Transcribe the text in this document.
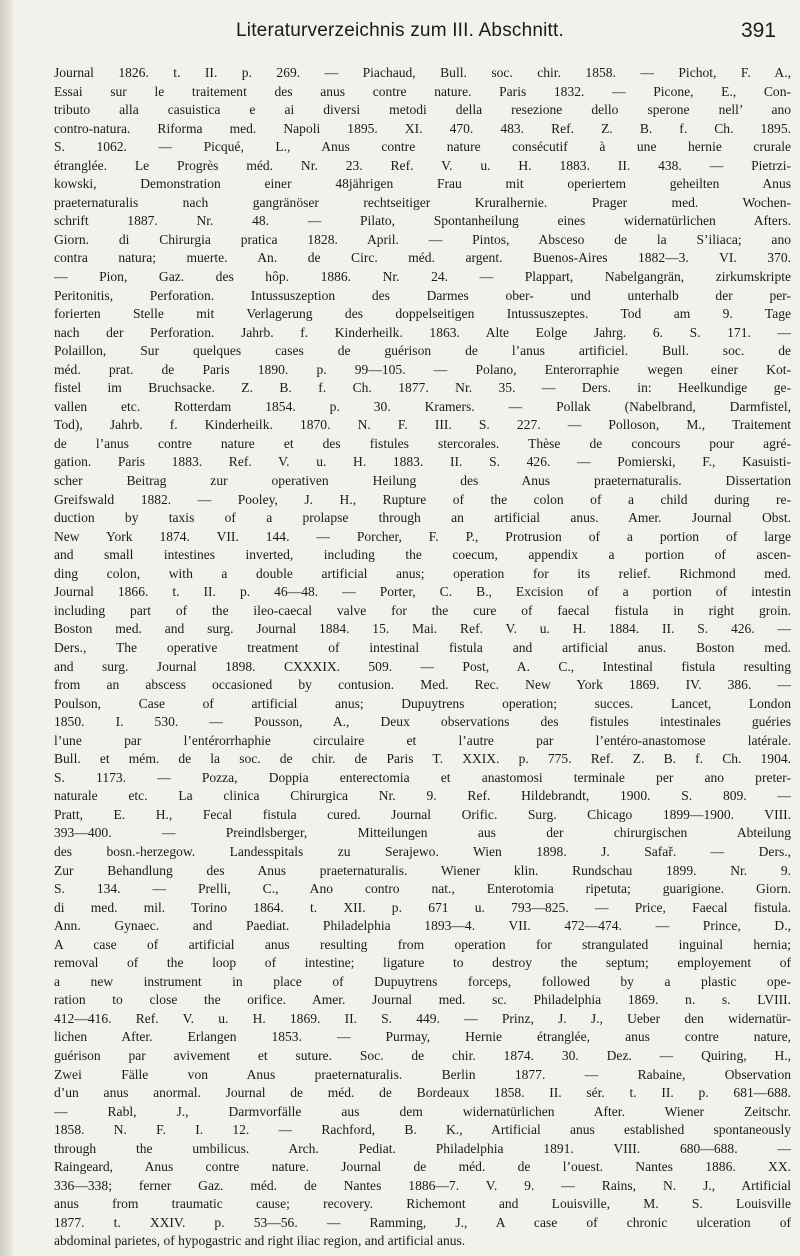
Literaturverzeichnis zum III. Abschnitt.	391
Journal 1826. t. II. p. 269. — Piachaud, Bull. soc. chir. 1858. — Pichot, F. A.,
Essai sur le traitement des anus contre nature. Paris 1832. — Picone, E., Con-
tributo alla casuistica e ai diversi metodi della resezione dello sperone nell’ ano
contro-natura. Riforma med. Napoli 1895. XI. 470. 483. Ref. Z. B. f. Ch. 1895.
S. 1062. — Picqué, L., Anus contre nature consécutif à une hernie crurale
étranglée. Le Progrès méd. Nr. 23. Ref. V. u. H. 1883. II. 438. — Pietrzi-
kowski, Demonstration einer 48jährigen Frau mit operiertem geheilten Anus
praeternaturalis nach gangränöser rechtseitiger Kruralhernie. Prager med. Wochen-
schrift 1887. Nr. 48. — Pilato, Spontanheilung eines widernatürlichen Afters.
Giorn. di Chirurgia pratica 1828. April. — Pintos, Absceso de la S’iliaca; ano
contra natura; muerte. An. de Circ. méd. argent. Buenos-Aires 1882—3. VI. 370.
— Pion, Gaz. des hôp. 1886. Nr. 24. — Plappart, Nabelgangrän, zirkumskripte
Peritonitis, Perforation. Intussuszeption des Darmes ober- und unterhalb der per-
forierten Stelle mit Verlagerung des doppelseitigen Intussuszeptes. Tod am 9. Tage
nach der Perforation. Jahrb. f. Kinderheilk. 1863. Alte Eolge Jahrg. 6. S. 171. —
Polaillon, Sur quelques cases de guérison de l’anus artificiel. Bull. soc. de
méd. prat. de Paris 1890. p. 99—105. — Polano, Enterorraphie wegen einer Kot-
fistel im Bruchsacke. Z. B. f. Ch. 1877. Nr. 35. — Ders. in: Heelkundige ge-
vallen etc. Rotterdam 1854. p. 30. Kramers. — Pollak (Nabelbrand, Darmfistel,
Tod), Jahrb. f. Kinderheilk. 1870. N. F. III. S. 227. — Polloson, M., Traitement
de l’anus contre nature et des fistules stercorales. Thèse de concours pour agré-
gation. Paris 1883. Ref. V. u. H. 1883. II. S. 426. — Pomierski, F., Kasuisti-
scher Beitrag zur operativen Heilung des Anus praeternaturalis. Dissertation
Greifswald 1882. — Pooley, J. H., Rupture of the colon of a child during re-
duction by taxis of a prolapse through an artificial anus. Amer. Journal Obst.
New York 1874. VII. 144. — Porcher, F. P., Protrusion of a portion of large
and small intestines inverted, including the coecum, appendix a portion of ascen-
ding colon, with a double artificial anus; operation for its relief. Richmond med.
Journal 1866. t. II. p. 46—48. — Porter, C. B., Excision of a portion of intestin
including part of the ileo-caecal valve for the cure of faecal fistula in right groin.
Boston med. and surg. Journal 1884. 15. Mai. Ref. V. u. H. 1884. II. S. 426. —
Ders., The operative treatment of intestinal fistula and artificial anus. Boston med.
and surg. Journal 1898. CXXXIX. 509. — Post, A. C., Intestinal fistula resulting
from an abscess occasioned by contusion. Med. Rec. New York 1869. IV. 386. —
Poulson, Case of artificial anus; Dupuytrens operation; succes. Lancet, London
1850. I. 530. — Pousson, A., Deux observations des fistules intestinales guéries
l’une par l’entérorrhaphie circulaire et l’autre par l’entéro-anastomose latérale.
Bull. et mém. de la soc. de chir. de Paris T. XXIX. p. 775. Ref. Z. B. f. Ch. 1904.
S. 1173. — Pozza, Doppia enterectomia et anastomosi terminale per ano preter-
naturale etc. La clinica Chirurgica Nr. 9. Ref. Hildebrandt, 1900. S. 809. —
Pratt, E. H., Fecal fistula cured. Journal Orific. Surg. Chicago 1899—1900. VIII.
393—400. — Preindlsberger, Mitteilungen aus der chirurgischen Abteilung
des bosn.-herzegow. Landesspitals zu Serajewo. Wien 1898. J. Safař. — Ders.,
Zur Behandlung des Anus praeternaturalis. Wiener klin. Rundschau 1899. Nr. 9.
S. 134. — Prelli, C., Ano contro nat., Enterotomia ripetuta; guarigione. Giorn.
di med. mil. Torino 1864. t. XII. p. 671 u. 793—825. — Price, Faecal fistula.
Ann. Gynaec. and Paediat. Philadelphia 1893—4. VII. 472—474. — Prince, D.,
A case of artificial anus resulting from operation for strangulated inguinal hernia;
removal of the loop of intestine; ligature to destroy the septum; employement of
a new instrument in place of Dupuytrens forceps, followed by a plastic ope-
ration to close the orifice. Amer. Journal med. sc. Philadelphia 1869. n. s. LVIII.
412—416. Ref. V. u. H. 1869. II. S. 449. — Prinz, J. J., Ueber den widernatür-
lichen After. Erlangen 1853. — Purmay, Hernie étranglée, anus contre nature,
guérison par avivement et suture. Soc. de chir. 1874. 30. Dez. — Quiring, H.,
Zwei Fälle von Anus praeternaturalis. Berlin 1877. — Rabaine, Observation
d’un anus anormal. Journal de méd. de Bordeaux 1858. II. sér. t. II. p. 681—688.
— Rabl, J., Darmvorfälle aus dem widernatürlichen After. Wiener Zeitschr.
1858. N. F. I. 12. — Rachford, B. K., Artificial anus established spontaneously
through the umbilicus. Arch. Pediat. Philadelphia 1891. VIII. 680—688. —
Raingeard, Anus contre nature. Journal de méd. de l’ouest. Nantes 1886. XX.
336—338; ferner Gaz. méd. de Nantes 1886—7. V. 9. — Rains, N. J., Artificial
anus from traumatic cause; recovery. Richemont and Louisville, M. S. Louisville
1877. t. XXIV. p. 53—56. — Ramming, J., A case of chronic ulceration of
abdominal parietes, of hypogastric and right iliac region, and artificial anus.
